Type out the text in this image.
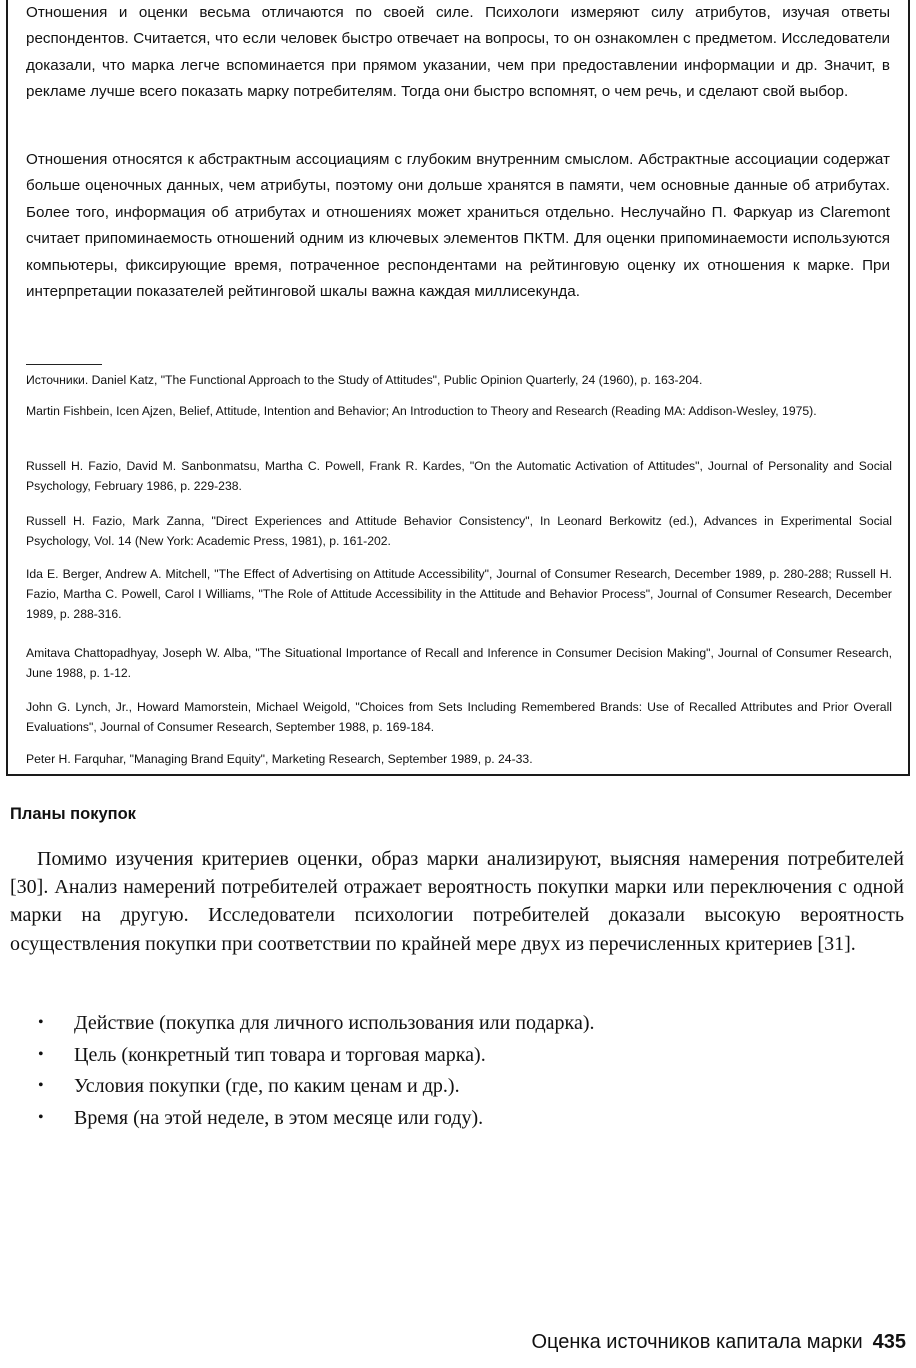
Отношения и оценки весьма отличаются по своей силе. Психологи измеряют силу атрибутов, изучая ответы респондентов. Считается, что если человек быстро отвечает на вопросы, то он ознакомлен с предметом. Исследователи доказали, что марка легче вспоминается при прямом указании, чем при предоставлении информации и др. Значит, в рекламе лучше всего показать марку потребителям. Тогда они быстро вспомнят, о чем речь, и сделают свой выбор.

Отношения относятся к абстрактным ассоциациям с глубоким внутренним смыслом. Абстрактные ассоциации содержат больше оценочных данных, чем атрибуты, поэтому они дольше хранятся в памяти, чем основные данные об атрибутах. Более того, информация об атрибутах и отношениях может храниться отдельно. Неслучайно П. Фаркуар из Claremont считает припоминаемость отношений одним из ключевых элементов ПКТМ. Для оценки припоминаемости используются компьютеры, фиксирующие время, потраченное респондентами на рейтинговую оценку их отношения к марке. При интерпретации показателей рейтинговой шкалы важна каждая миллисекунда.

Источники. Daniel Katz, "The Functional Approach to the Study of Attitudes", Public Opinion Quarterly, 24 (1960), p. 163-204.

Martin Fishbein, Icen Ajzen, Belief, Attitude, Intention and Behavior; An Introduction to Theory and Research (Reading MA: Addison-Wesley, 1975).

Russell H. Fazio, David M. Sanbonmatsu, Martha C. Powell, Frank R. Kardes, "On the Automatic Activation of Attitudes", Journal of Personality and Social Psychology, February 1986, p. 229-238.

Russell H. Fazio, Mark Zanna, "Direct Experiences and Attitude Behavior Consistency", In Leonard Berkowitz (ed.), Advances in Experimental Social Psychology, Vol. 14 (New York: Academic Press, 1981), p. 161-202.

Ida E. Berger, Andrew A. Mitchell, "The Effect of Advertising on Attitude Accessibility", Journal of Consumer Research, December 1989, p. 280-288; Russell H. Fazio, Martha C. Powell, Carol I Williams, "The Role of Attitude Accessibility in the Attitude and Behavior Process", Journal of Consumer Research, December 1989, p. 288-316.

Amitava Chattopadhyay, Joseph W. Alba, "The Situational Importance of Recall and Inference in Consumer Decision Making", Journal of Consumer Research, June 1988, p. 1-12.

John G. Lynch, Jr., Howard Mamorstein, Michael Weigold, "Choices from Sets Including Remembered Brands: Use of Recalled Attributes and Prior Overall Evaluations", Journal of Consumer Research, September 1988, p. 169-184.

Peter H. Farquhar, "Managing Brand Equity", Marketing Research, September 1989, p. 24-33.

Планы покупок

Помимо изучения критериев оценки, образ марки анализируют, выясняя намерения потребителей [30]. Анализ намерений потребителей отражает вероятность покупки марки или переключения с одной марки на другую. Исследователи психологии потребителей доказали высокую вероятность осуществления покупки при соответствии по крайней мере двух из перечисленных критериев [31].

• Действие (покупка для личного использования или подарка).
• Цель (конкретный тип товара и торговая марка).
• Условия покупки (где, по каким ценам и др.).
• Время (на этой неделе, в этом месяце или году).
Оценка источников капитала марки 435
